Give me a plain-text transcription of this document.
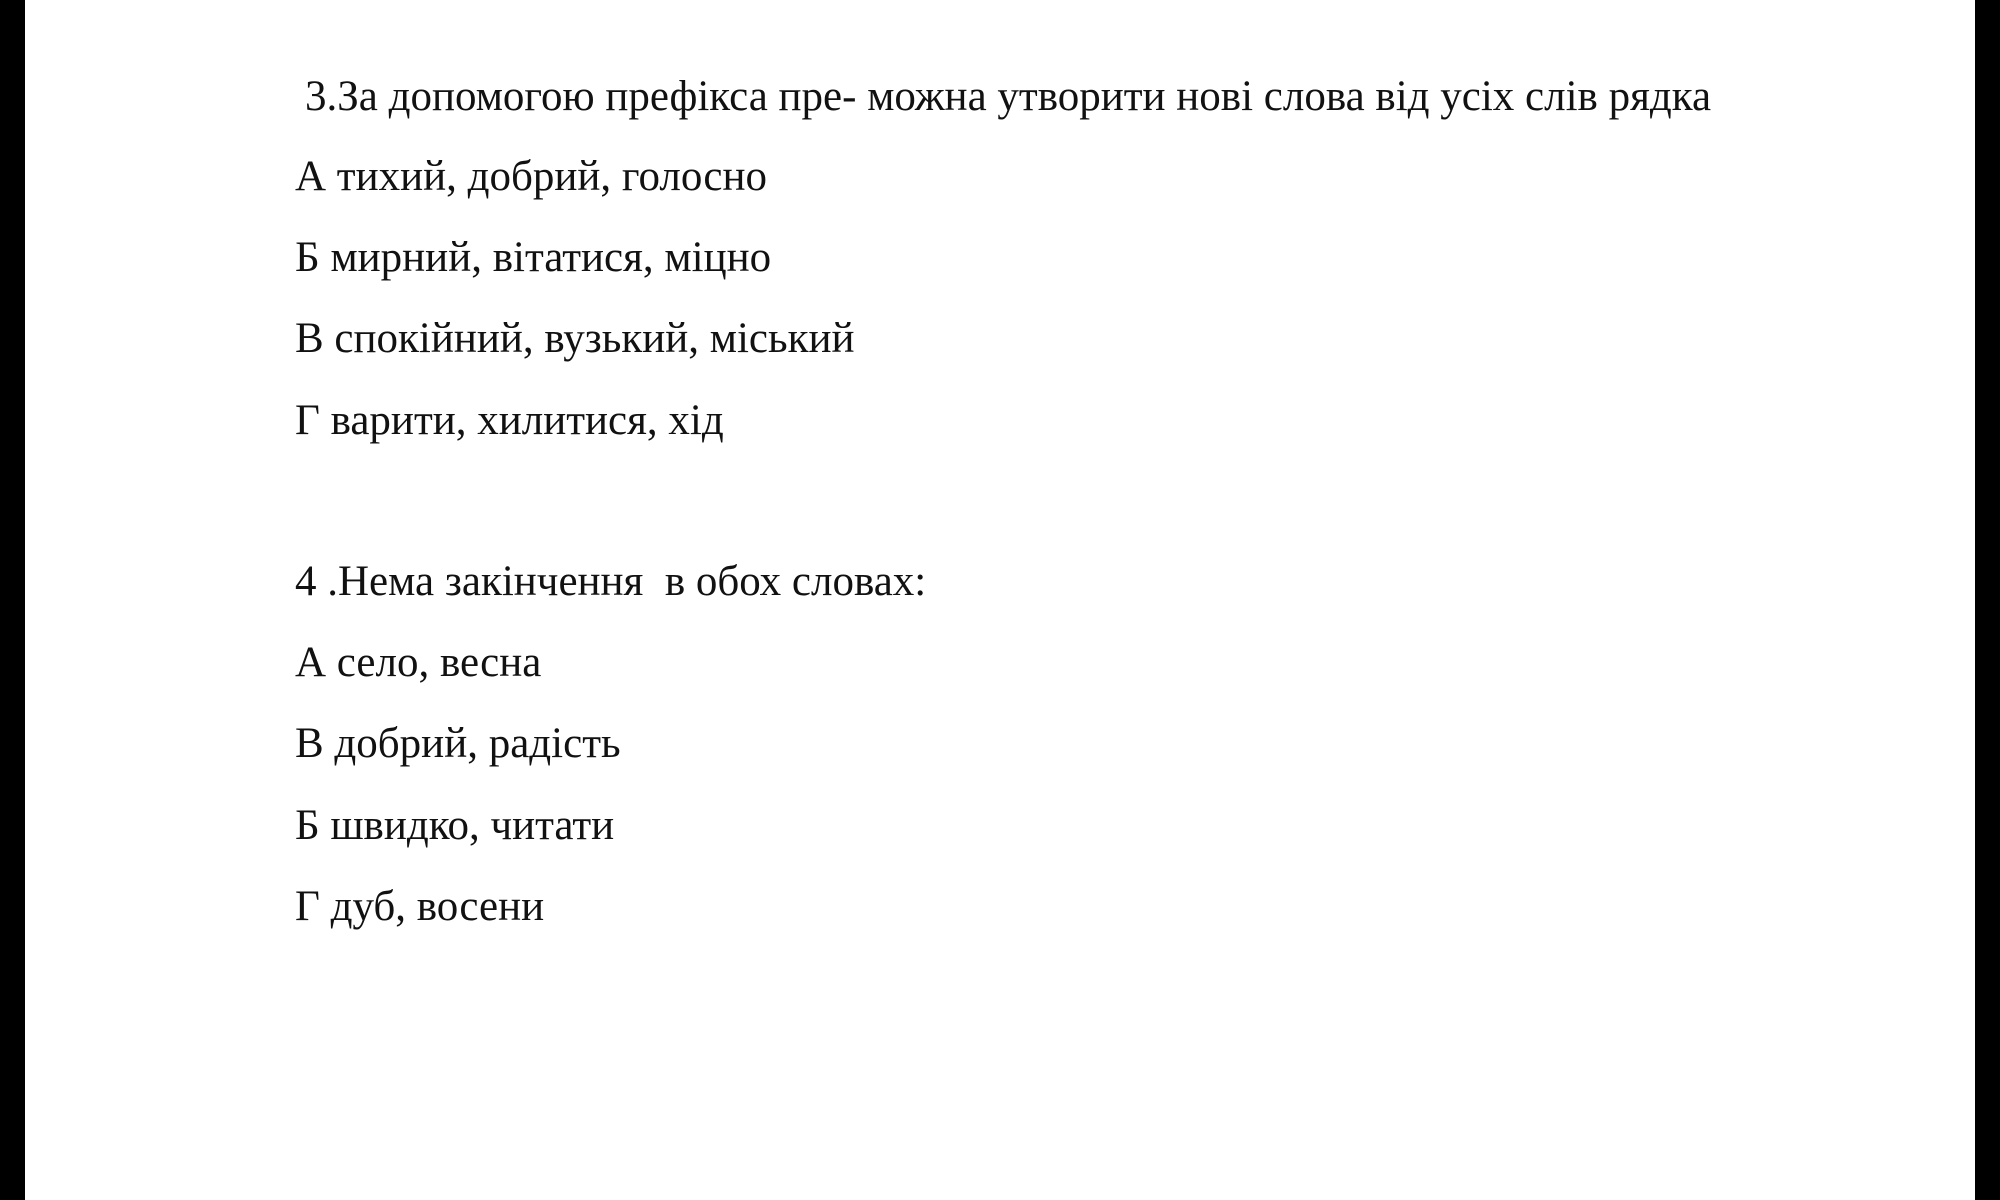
3.За допомогою префікса пре- можна утворити нові слова від усіх слів рядка
А тихий, добрий, голосно
Б мирний, вітатися, міцно
В спокійний, вузький, міський
Г варити, хилитися, хід
4 .Нема закінчення  в обох словах:
А село, весна
В добрий, радість
Б швидко, читати
Г дуб, восени
